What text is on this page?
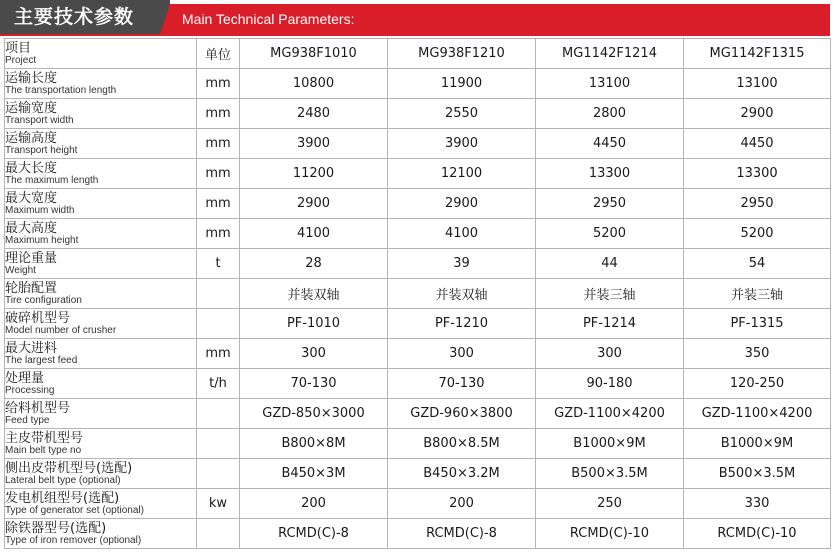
主要技术参数	Main Technical Parameters:
项目
Project	单位	MG938F1010	MG938F1210	MG1142F1214	MG1142F1315

运输长度
The transportation length	mm	10800	11900	13100	13100

运输宽度
Transport width	mm	2480	2550	2800	2900

运输高度
Transport height	mm	3900	3900	4450	4450

最大长度
The maximum length	mm	11200	12100	13300	13300

最大宽度
Maximum width	mm	2900	2900	2950	2950

最大高度
Maximum height	mm	4100	4100	5200	5200

理论重量
Weight	t	28	39	44	54

轮胎配置
Tire configuration		并装双轴	并装双轴	并装三轴	并装三轴

破碎机型号
Model number of crusher		PF-1010	PF-1210	PF-1214	PF-1315

最大进料
The largest feed	mm	300	300	300	350

处理量
Processing	t/h	70-130	70-130	90-180	120-250

给料机型号
Feed type		GZD-850×3000	GZD-960×3800	GZD-1100×4200	GZD-1100×4200

主皮带机型号
Main belt type no		B800×8M	B800×8.5M	B1000×9M	B1000×9M

侧出皮带机型号(选配)
Lateral belt type (optional)		B450×3M	B450×3.2M	B500×3.5M	B500×3.5M

发电机组型号(选配)
Type of generator set (optional)	kw	200	200	250	330

除铁器型号(选配)
Type of iron remover (optional)		RCMD(C)-8	RCMD(C)-8	RCMD(C)-10	RCMD(C)-10
